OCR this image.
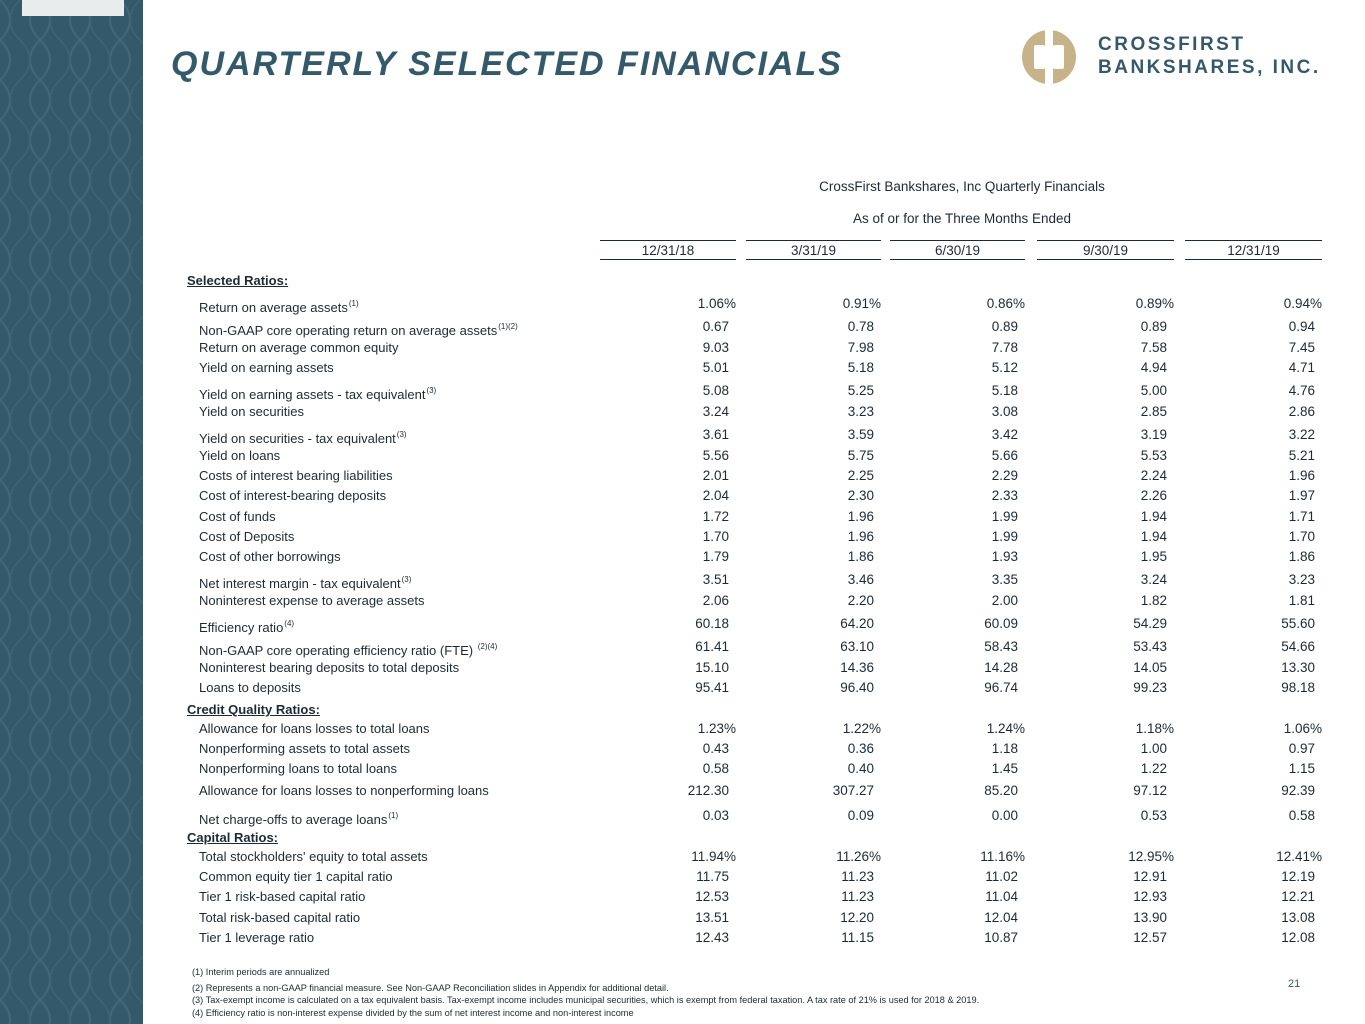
QUARTERLY SELECTED FINANCIALS
CROSSFIRST
BANKSHARES, INC.
CrossFirst Bankshares, Inc Quarterly Financials
As of or for the Three Months Ended
12/31/18	3/31/19	6/30/19	9/30/19	12/31/19
Selected Ratios:
Return on average assets$^{(1)}$	1.06%	0.91%	0.86%	0.89%	0.94%
Non-GAAP core operating return on average assets$^{(1)(2)}$	0.67	0.78	0.89	0.89	0.94
Return on average common equity	9.03	7.98	7.78	7.58	7.45
Yield on earning assets	5.01	5.18	5.12	4.94	4.71
Yield on earning assets - tax equivalent$^{(3)}$	5.08	5.25	5.18	5.00	4.76
Yield on securities	3.24	3.23	3.08	2.85	2.86
Yield on securities - tax equivalent$^{(3)}$	3.61	3.59	3.42	3.19	3.22
Yield on loans	5.56	5.75	5.66	5.53	5.21
Costs of interest bearing liabilities	2.01	2.25	2.29	2.24	1.96
Cost of interest-bearing deposits	2.04	2.30	2.33	2.26	1.97
Cost of funds	1.72	1.96	1.99	1.94	1.71
Cost of Deposits	1.70	1.96	1.99	1.94	1.70
Cost of other borrowings	1.79	1.86	1.93	1.95	1.86
Net interest margin - tax equivalent$^{(3)}$	3.51	3.46	3.35	3.24	3.23
Noninterest expense to average assets	2.06	2.20	2.00	1.82	1.81
Efficiency ratio$^{(4)}$	60.18	64.20	60.09	54.29	55.60
Non-GAAP core operating efficiency ratio (FTE) $^{(2)(4)}$	61.41	63.10	58.43	53.43	54.66
Noninterest bearing deposits to total deposits	15.10	14.36	14.28	14.05	13.30
Loans to deposits	95.41	96.40	96.74	99.23	98.18
Credit Quality Ratios:
Allowance for loans losses to total loans	1.23%	1.22%	1.24%	1.18%	1.06%
Nonperforming assets to total assets	0.43	0.36	1.18	1.00	0.97
Nonperforming loans to total loans	0.58	0.40	1.45	1.22	1.15
Allowance for loans losses to nonperforming loans	212.30	307.27	85.20	97.12	92.39
Net charge-offs to average loans$^{(1)}$	0.03	0.09	0.00	0.53	0.58
Capital Ratios:
Total stockholders' equity to total assets	11.94%	11.26%	11.16%	12.95%	12.41%
Common equity tier 1 capital ratio	11.75	11.23	11.02	12.91	12.19
Tier 1 risk-based capital ratio	12.53	11.23	11.04	12.93	12.21
Total risk-based capital ratio	13.51	12.20	12.04	13.90	13.08
Tier 1 leverage ratio	12.43	11.15	10.87	12.57	12.08
(1) Interim periods are annualized
(2) Represents a non-GAAP financial measure. See Non-GAAP Reconciliation slides in Appendix for additional detail.
(3) Tax-exempt income is calculated on a tax equivalent basis. Tax-exempt income includes municipal securities, which is exempt from federal taxation. A tax rate of 21% is used for 2018 & 2019.
(4) Efficiency ratio is non-interest expense divided by the sum of net interest income and non-interest income
21
